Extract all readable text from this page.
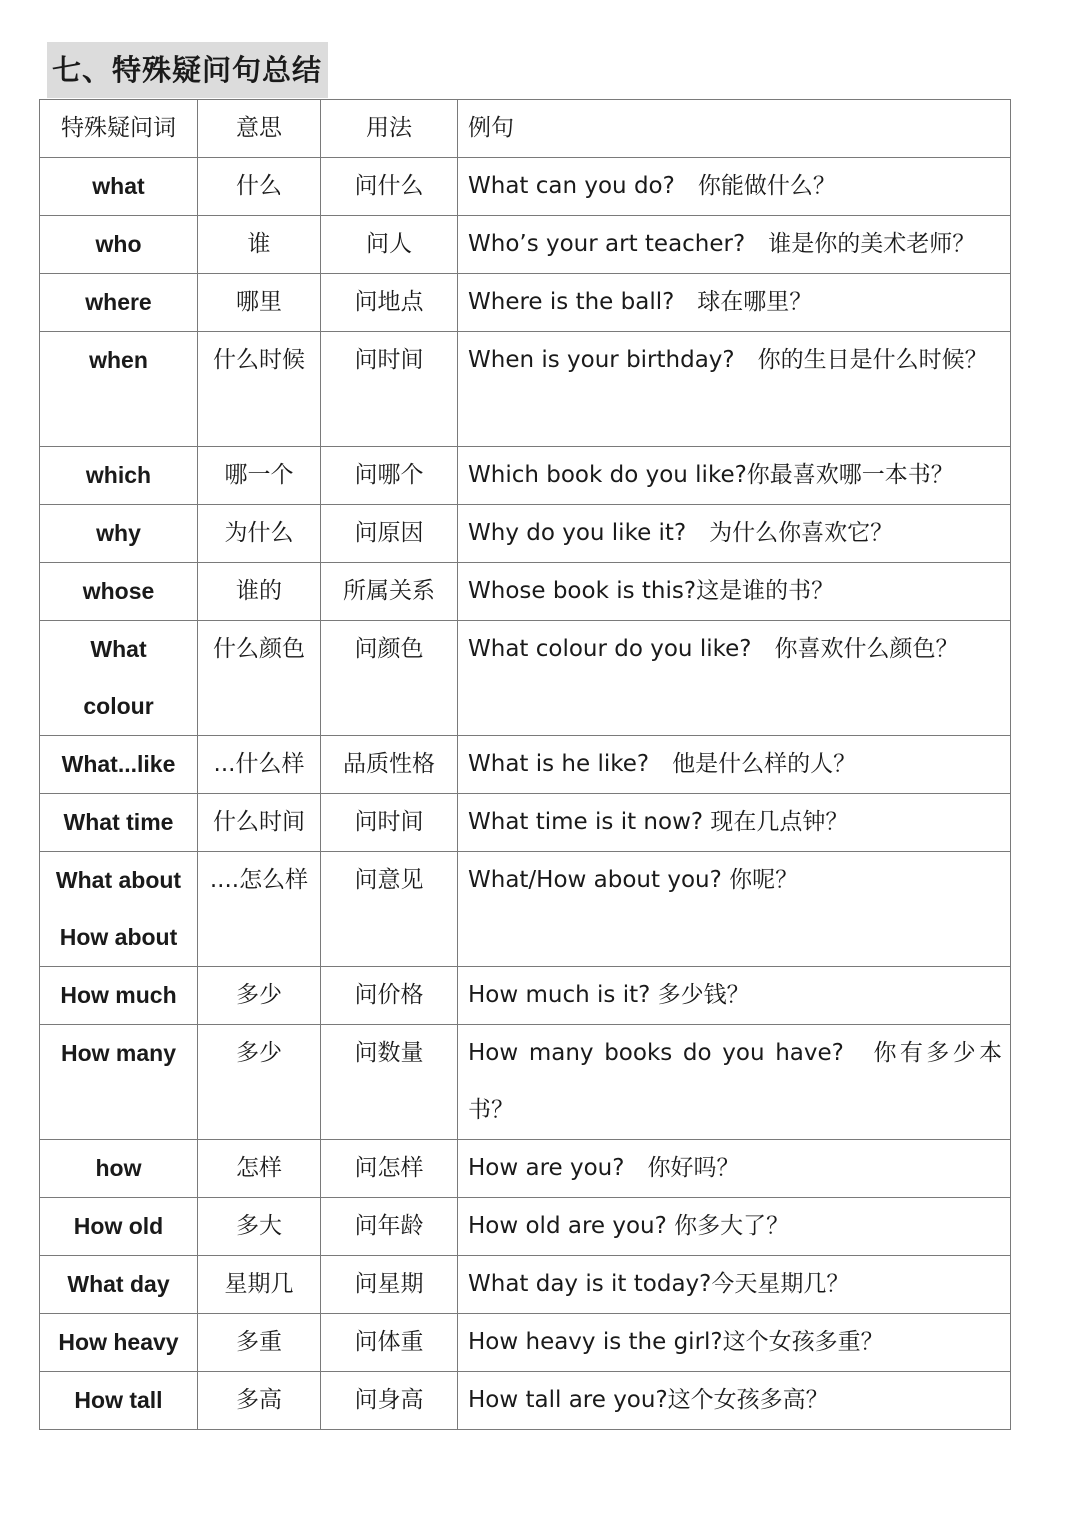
七、特殊疑问句总结
特殊疑问词	意思	用法	例句

what	什么	问什么	What can you do?　你能做什么？

who	谁	问人	Who’s your art teacher?　谁是你的美术老师？

where	哪里	问地点	Where is the ball?　球在哪里？

when	什么时候	问时间	When is your birthday?　你的生日是什么时候？

which	哪一个	问哪个	Which book do you like?你最喜欢哪一本书？

why	为什么	问原因	Why do you like it?　为什么你喜欢它？

whose	谁的	所属关系	Whose book is this?这是谁的书？

What
colour	什么颜色	问颜色	What colour do you like?　你喜欢什么颜色？

What...like	...什么样	品质性格	What is he like?　他是什么样的人？

What time	什么时间	问时间	What time is it now? 现在几点钟？

What about
How about	....怎么样	问意见	What/How about you? 你呢？

How much	多少	问价格	How much is it? 多少钱？

How many	多少	问数量	How many books do you have?　你有多少本书？

how	怎样	问怎样	How are you?　你好吗？

How old	多大	问年龄	How old are you? 你多大了？

What day	星期几	问星期	What day is it today?今天星期几？

How heavy	多重	问体重	How heavy is the girl?这个女孩多重？

How tall	多高	问身高	How tall are you?这个女孩多高？
